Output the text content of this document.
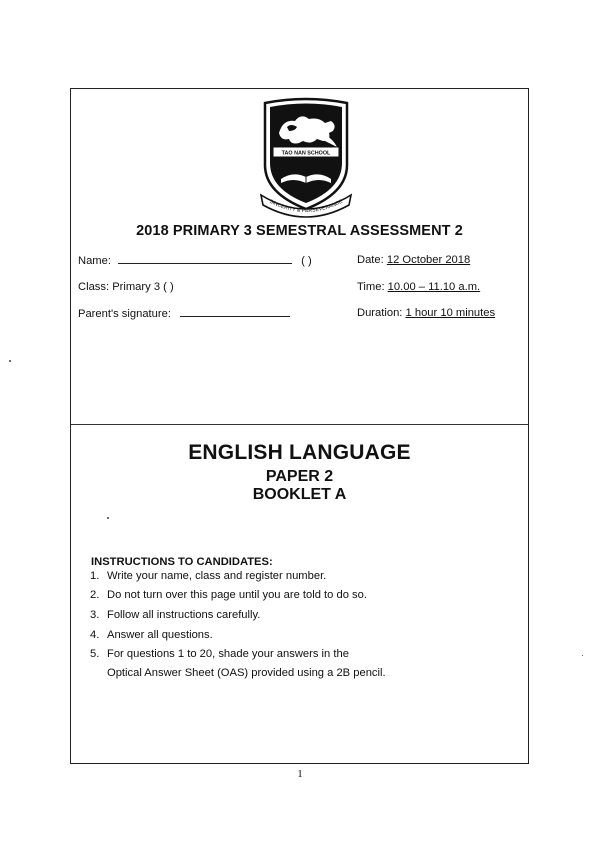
TAO NAN SCHOOL
SINCERITY & PERSEVERANCE
2018 PRIMARY 3 SEMESTRAL ASSESSMENT 2
Name:	( )
Class: Primary 3 ( )
Parent's signature:
Date: 12 October 2018
Time: 10.00 – 11.10 a.m.
Duration: 1 hour 10 minutes
ENGLISH LANGUAGE
PAPER 2
BOOKLET A
INSTRUCTIONS TO CANDIDATES:
1. Write your name, class and register number.
2. Do not turn over this page until you are told to do so.
3. Follow all instructions carefully.
4. Answer all questions.
5. For questions 1 to 20, shade your answers in the
Optical Answer Sheet (OAS) provided using a 2B pencil.
1
